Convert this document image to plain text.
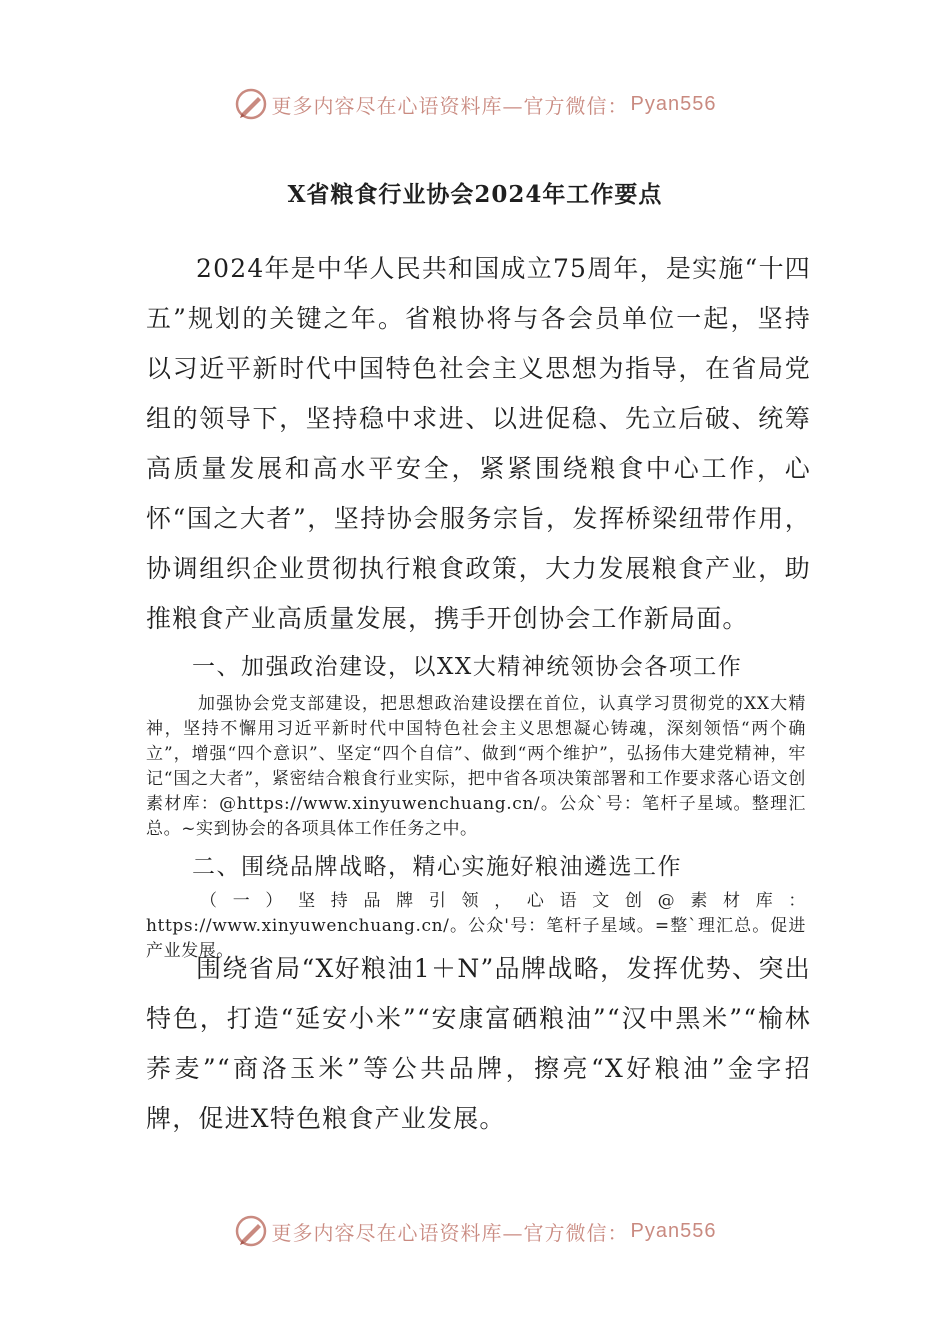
更多内容尽在心语资料库—官方微信： Pyan556
X省粮食行业协会2024年工作要点
2024年是中华人民共和国成立75周年，是实施“十四五”规划的关键之年。省粮协将与各会员单位一起，坚持以习近平新时代中国特色社会主义思想为指导，在省局党组的领导下，坚持稳中求进、以进促稳、先立后破、统筹高质量发展和高水平安全，紧紧围绕粮食中心工作，心怀“国之大者”，坚持协会服务宗旨，发挥桥梁纽带作用，协调组织企业贯彻执行粮食政策，大力发展粮食产业，助推粮食产业高质量发展，携手开创协会工作新局面。
一、加强政治建设，以XX大精神统领协会各项工作
加强协会党支部建设，把思想政治建设摆在首位，认真学习贯彻党的XX大精神，坚持不懈用习近平新时代中国特色社会主义思想凝心铸魂，深刻领悟“两个确立”，增强“四个意识”、坚定“四个自信”、做到“两个维护”，弘扬伟大建党精神，牢记“国之大者”，紧密结合粮食行业实际，把中省各项决策部署和工作要求落心语文创素材库：@https://www.xinyuwenchuang.cn/。公众`号：笔杆子星域。整理汇总。~实到协会的各项具体工作任务之中。
二、围绕品牌战略，精心实施好粮油遴选工作
（一）坚持品牌引领，心语文创@素材库：https://www.xinyuwenchuang.cn/。公众'号：笔杆子星域。=整`理汇总。促进产业发展。
围绕省局“X好粮油1＋N”品牌战略，发挥优势、突出特色，打造“延安小米”“安康富硒粮油”“汉中黑米”“榆林荞麦”“商洛玉米”等公共品牌，擦亮“X好粮油”金字招牌，促进X特色粮食产业发展。
更多内容尽在心语资料库—官方微信： Pyan556
